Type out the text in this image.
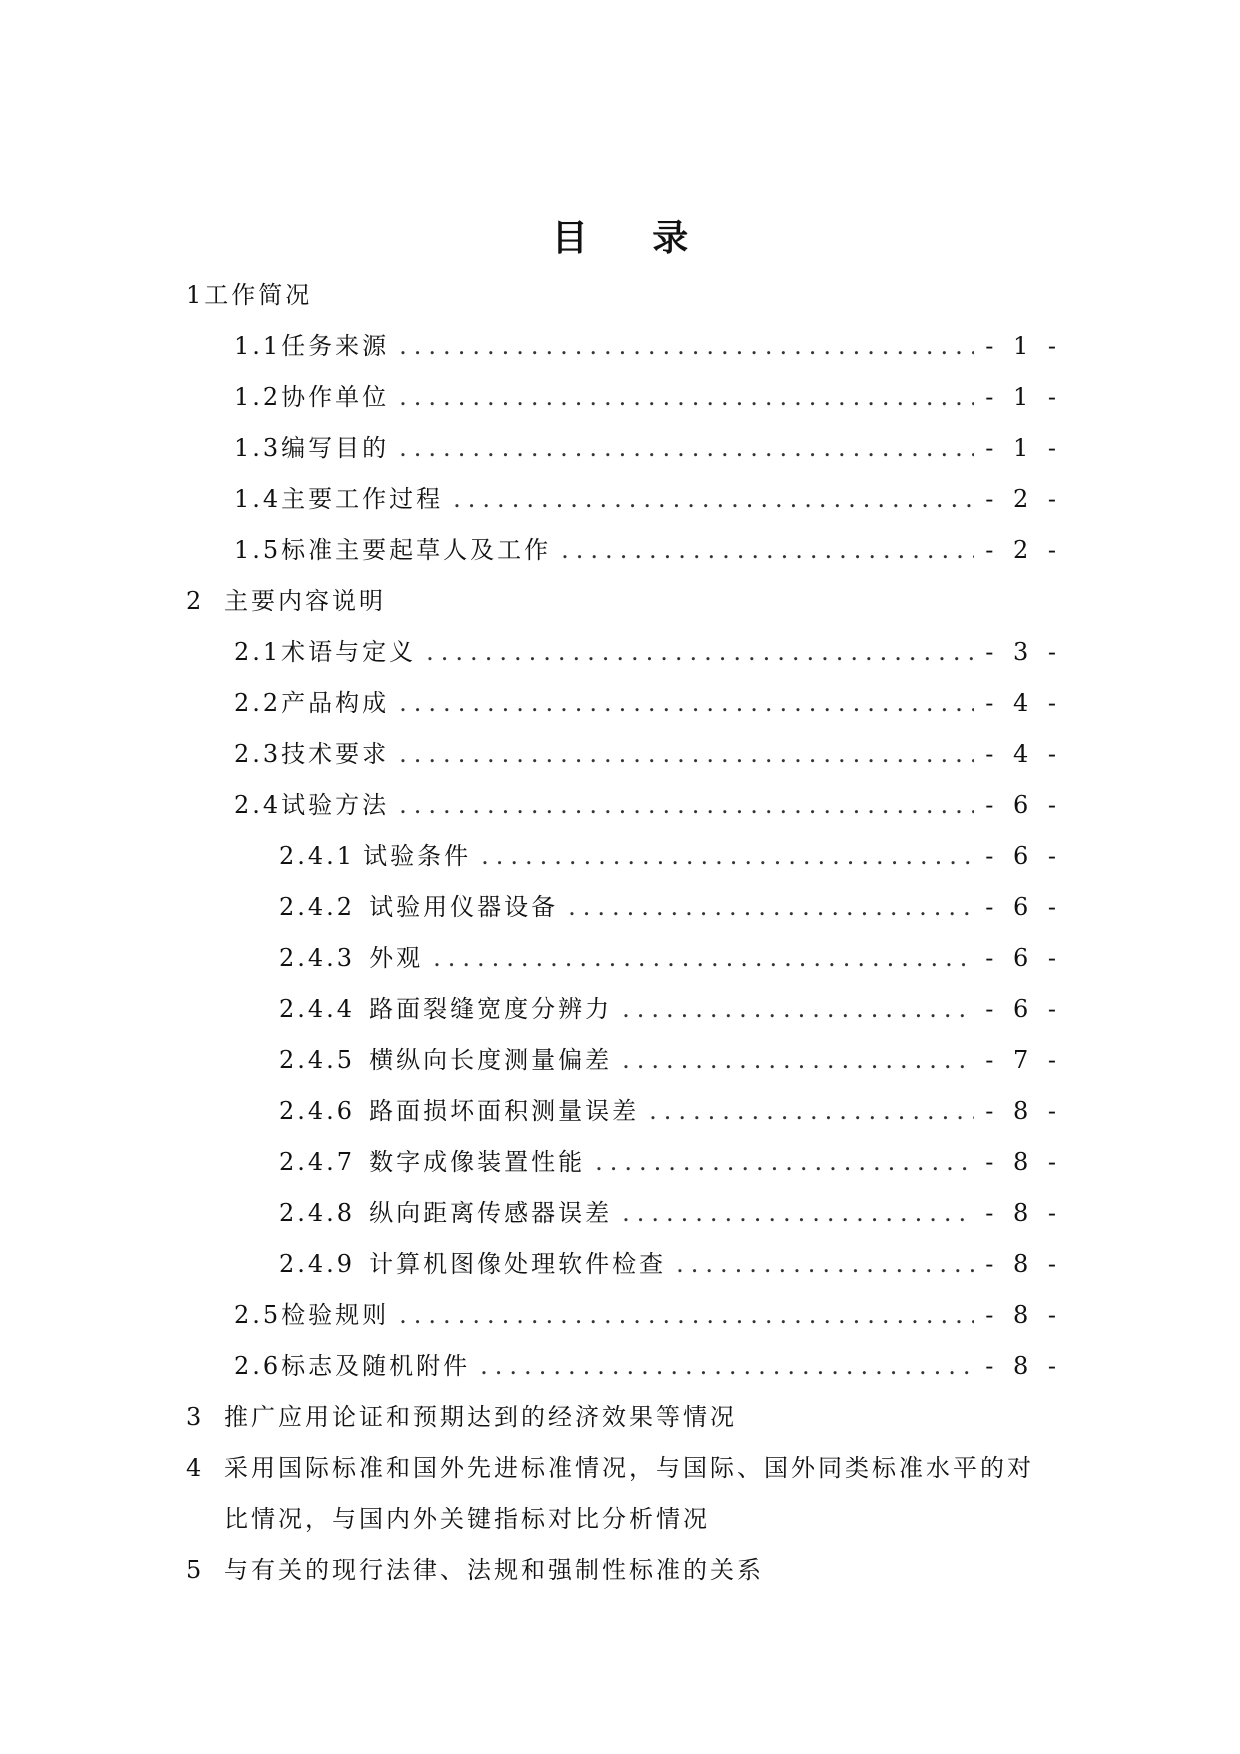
目 录
1 工作简况
1.1 任务来源 .....	- 1 -
1.2 协作单位 .....	- 1 -
1.3 编写目的 .....	- 1 -
1.4 主要工作过程 .....	- 2 -
1.5 标准主要起草人及工作 .....	- 2 -
2 主要内容说明
2.1 术语与定义 .....	- 3 -
2.2 产品构成 .....	- 4 -
2.3 技术要求 .....	- 4 -
2.4 试验方法 .....	- 6 -
2.4.1 试验条件 .....	- 6 -
2.4.2 试验用仪器设备 .....	- 6 -
2.4.3 外观 .....	- 6 -
2.4.4 路面裂缝宽度分辨力 .....	- 6 -
2.4.5 横纵向长度测量偏差 .....	- 7 -
2.4.6 路面损坏面积测量误差 .....	- 8 -
2.4.7 数字成像装置性能 .....	- 8 -
2.4.8 纵向距离传感器误差 .....	- 8 -
2.4.9 计算机图像处理软件检查 .....	- 8 -
2.5 检验规则 .....	- 8 -
2.6 标志及随机附件 .....	- 8 -
3 推广应用论证和预期达到的经济效果等情况
4 采用国际标准和国外先进标准情况，与国际、国外同类标准水平的对比情况，与国内外关键指标对比分析情况
5 与有关的现行法律、法规和强制性标准的关系
